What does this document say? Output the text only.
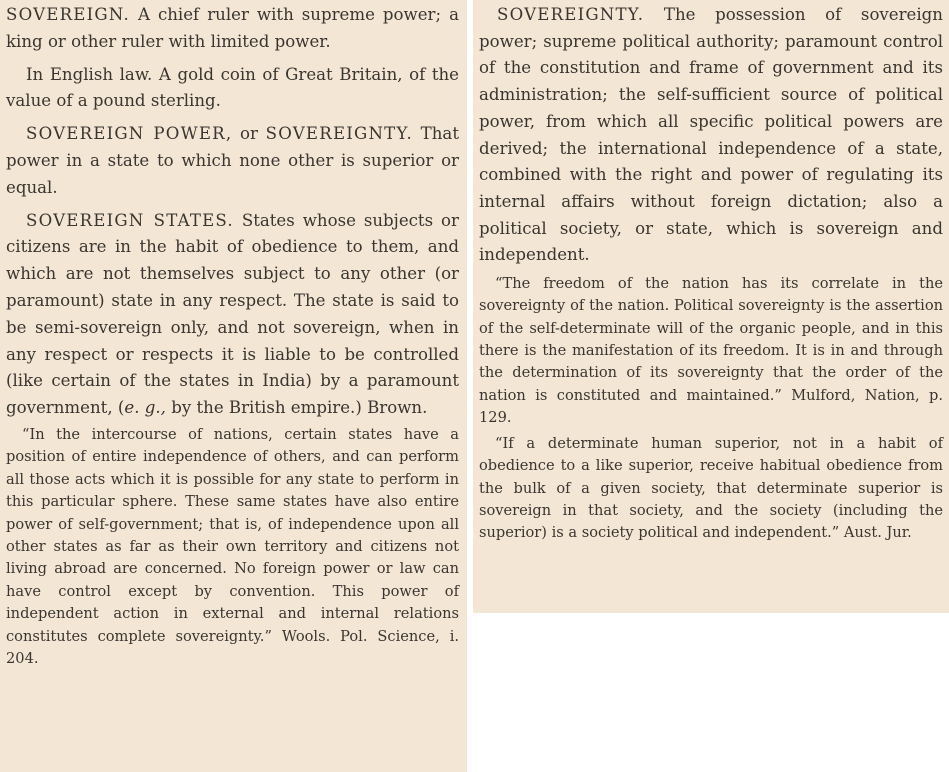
SOVEREIGN. A chief ruler with supreme power; a king or other ruler with limited power.

In English law. A gold coin of Great Britain, of the value of a pound sterling.

SOVEREIGN POWER, or SOVEREIGNTY. That power in a state to which none other is superior or equal.

SOVEREIGN STATES. States whose subjects or citizens are in the habit of obedience to them, and which are not themselves subject to any other (or paramount) state in any respect. The state is said to be semi-sovereign only, and not sovereign, when in any respect or respects it is liable to be controlled (like certain of the states in India) by a paramount government, (e. g., by the British empire.) Brown.

“In the intercourse of nations, certain states have a position of entire independence of others, and can perform all those acts which it is possible for any state to perform in this particular sphere. These same states have also entire power of self-government; that is, of independence upon all other states as far as their own territory and citizens not living abroad are concerned. No foreign power or law can have control except by convention. This power of independent action in external and internal relations constitutes complete sovereignty.” Wools. Pol. Science, i. 204.

SOVEREIGNTY. The possession of sovereign power; supreme political authority; paramount control of the constitution and frame of government and its administration; the self-sufficient source of political power, from which all specific political powers are derived; the international independence of a state, combined with the right and power of regulating its internal affairs without foreign dictation; also a political society, or state, which is sovereign and independent.

“The freedom of the nation has its correlate in the sovereignty of the nation. Political sovereignty is the assertion of the self-determinate will of the organic people, and in this there is the manifestation of its freedom. It is in and through the determination of its sovereignty that the order of the nation is constituted and maintained.” Mulford, Nation, p. 129.

“If a determinate human superior, not in a habit of obedience to a like superior, receive habitual obedience from the bulk of a given society, that determinate superior is sovereign in that society, and the society (including the superior) is a society political and independent.” Aust. Jur.
